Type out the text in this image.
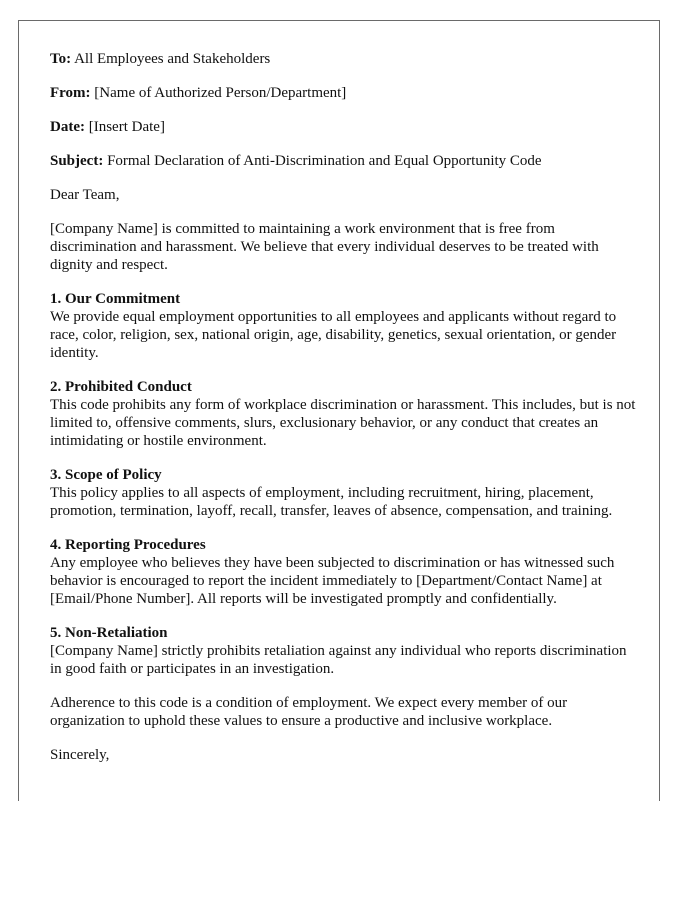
To: All Employees and Stakeholders

From: [Name of Authorized Person/Department]

Date: [Insert Date]

Subject: Formal Declaration of Anti-Discrimination and Equal Opportunity Code

Dear Team,

[Company Name] is committed to maintaining a work environment that is free from discrimination and harassment. We believe that every individual deserves to be treated with dignity and respect.

1. Our Commitment
We provide equal employment opportunities to all employees and applicants without regard to race, color, religion, sex, national origin, age, disability, genetics, sexual orientation, or gender identity.
2. Prohibited Conduct
This code prohibits any form of workplace discrimination or harassment. This includes, but is not limited to, offensive comments, slurs, exclusionary behavior, or any conduct that creates an intimidating or hostile environment.
3. Scope of Policy
This policy applies to all aspects of employment, including recruitment, hiring, placement, promotion, termination, layoff, recall, transfer, leaves of absence, compensation, and training.
4. Reporting Procedures
Any employee who believes they have been subjected to discrimination or has witnessed such behavior is encouraged to report the incident immediately to [Department/Contact Name] at [Email/Phone Number]. All reports will be investigated promptly and confidentially.
5. Non-Retaliation
[Company Name] strictly prohibits retaliation against any individual who reports discrimination in good faith or participates in an investigation.

Adherence to this code is a condition of employment. We expect every member of our organization to uphold these values to ensure a productive and inclusive workplace.

Sincerely,
